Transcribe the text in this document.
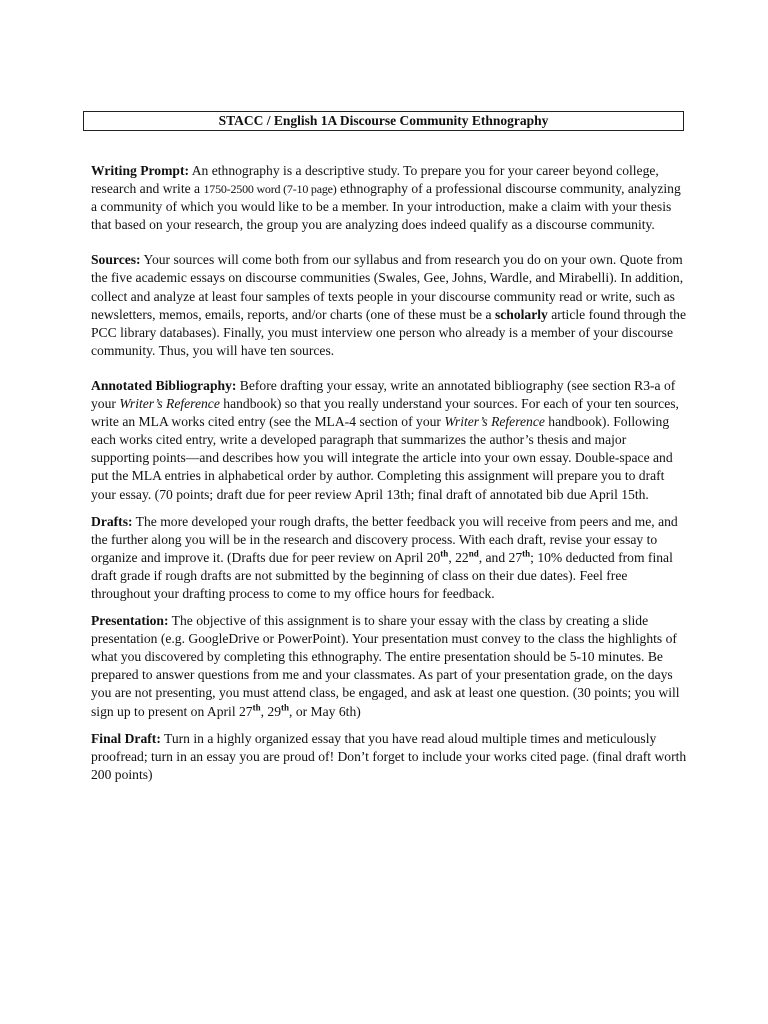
STACC / English 1A Discourse Community Ethnography

Writing Prompt: An ethnography is a descriptive study. To prepare you for your career beyond college, research and write a 1750-2500 word (7-10 page) ethnography of a professional discourse community, analyzing a community of which you would like to be a member. In your introduction, make a claim with your thesis that based on your research, the group you are analyzing does indeed qualify as a discourse community.

Sources: Your sources will come both from our syllabus and from research you do on your own. Quote from the five academic essays on discourse communities (Swales, Gee, Johns, Wardle, and Mirabelli). In addition, collect and analyze at least four samples of texts people in your discourse community read or write, such as newsletters, memos, emails, reports, and/or charts (one of these must be a scholarly article found through the PCC library databases). Finally, you must interview one person who already is a member of your discourse community. Thus, you will have ten sources.

Annotated Bibliography: Before drafting your essay, write an annotated bibliography (see section R3-a of your Writer’s Reference handbook) so that you really understand your sources. For each of your ten sources, write an MLA works cited entry (see the MLA-4 section of your Writer’s Reference handbook). Following each works cited entry, write a developed paragraph that summarizes the author’s thesis and major supporting points—and describes how you will integrate the article into your own essay. Double-space and put the MLA entries in alphabetical order by author. Completing this assignment will prepare you to draft your essay. (70 points; draft due for peer review April 13th; final draft of annotated bib due April 15th.

Drafts: The more developed your rough drafts, the better feedback you will receive from peers and me, and the further along you will be in the research and discovery process. With each draft, revise your essay to organize and improve it. (Drafts due for peer review on April 20th, 22nd, and 27th; 10% deducted from final draft grade if rough drafts are not submitted by the beginning of class on their due dates). Feel free throughout your drafting process to come to my office hours for feedback.

Presentation: The objective of this assignment is to share your essay with the class by creating a slide presentation (e.g. GoogleDrive or PowerPoint). Your presentation must convey to the class the highlights of what you discovered by completing this ethnography. The entire presentation should be 5-10 minutes. Be prepared to answer questions from me and your classmates. As part of your presentation grade, on the days you are not presenting, you must attend class, be engaged, and ask at least one question. (30 points; you will sign up to present on April 27th, 29th, or May 6th)

Final Draft: Turn in a highly organized essay that you have read aloud multiple times and meticulously proofread; turn in an essay you are proud of! Don’t forget to include your works cited page. (final draft worth 200 points)
